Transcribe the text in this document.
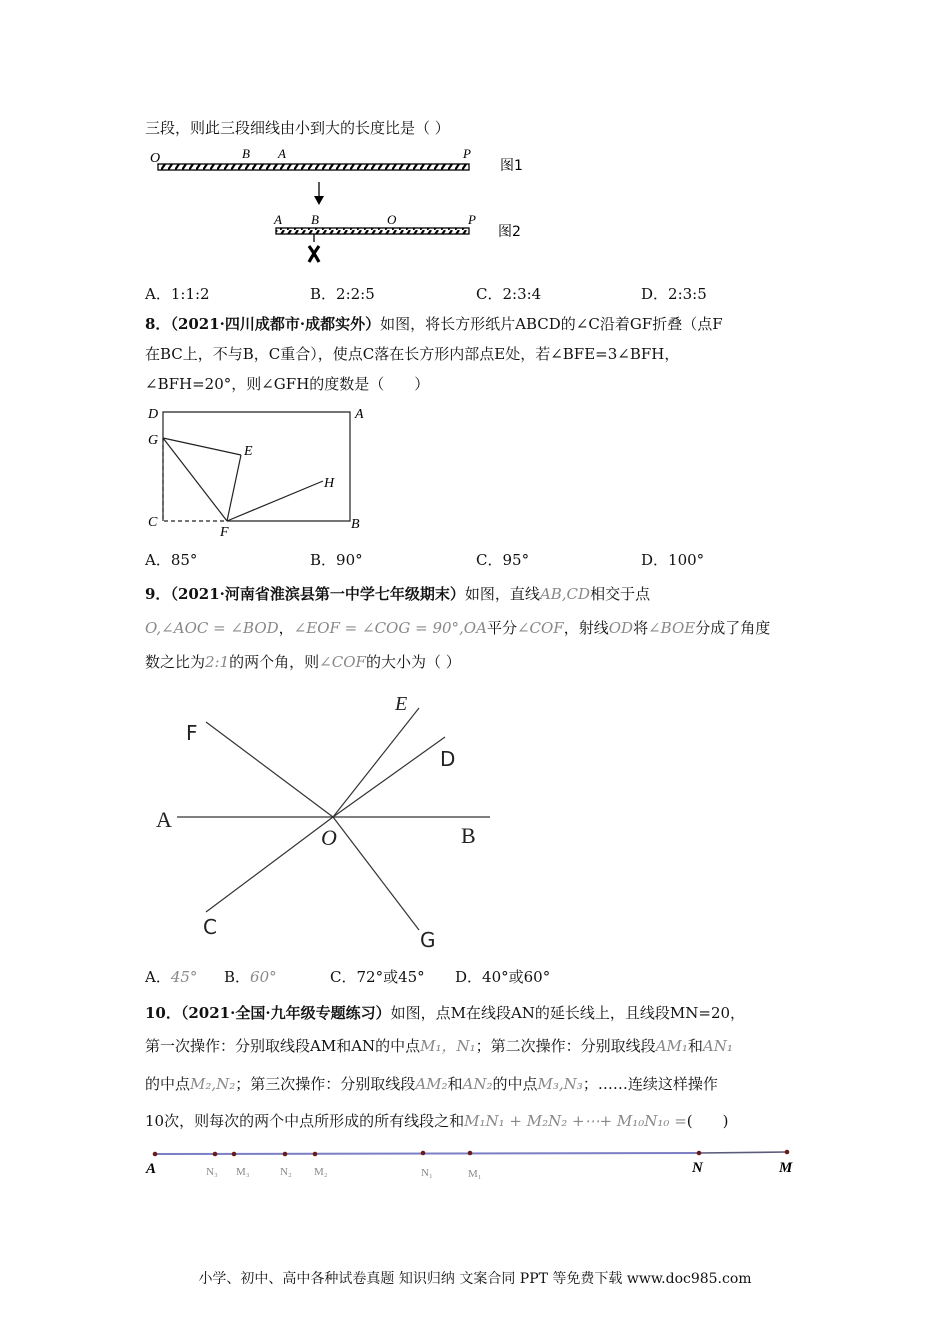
三段，则此三段细线由小到大的长度比是（ ）
O	B A	P
图1
A B	O	P
图2
A．1:1:2	B．2:2:5	C．2:3:4	D．2:3:5
8．（2021·四川成都市·成都实外）如图，将长方形纸片ABCD的∠C沿着GF折叠（点F
在BC上，不与B，C重合），使点C落在长方形内部点E处，若∠BFE=3∠BFH，
∠BFH=20°，则∠GFH的度数是（　　）
D	A
G
E
H
C
F
B
A．85°	B．90°	C．95°	D．100°
9．（2021·河南省淮滨县第一中学七年级期末）如图，直线AB,CD相交于点
O,∠AOC = ∠BOD，∠EOF = ∠COG = 90°,OA平分∠COF，射线OD将∠BOE分成了角度
数之比为2:1的两个角，则∠COF的大小为（ ）
E
F
D
A
O	B
C
G
A．45° B．60°	C．72°或45° D．40°或60°
10．（2021·全国·九年级专题练习）如图，点M在线段AN的延长线上，且线段MN=20，
第一次操作：分别取线段AM和AN的中点M₁，N₁；第二次操作：分别取线段AM₁和AN₁
的中点M₂,N₂；第三次操作：分别取线段AM₂和AN₂的中点M₃,N₃；……连续这样操作
10次，则每次的两个中点所形成的所有线段之和M₁N₁ + M₂N₂ +⋯+ M₁₀N₁₀ =(　　)
A	N₃ M₃	N₂ M₂	N₁	M₁	N	M
小学、初中、高中各种试卷真题 知识归纳 文案合同 PPT 等免费下载 www.doc985.com
